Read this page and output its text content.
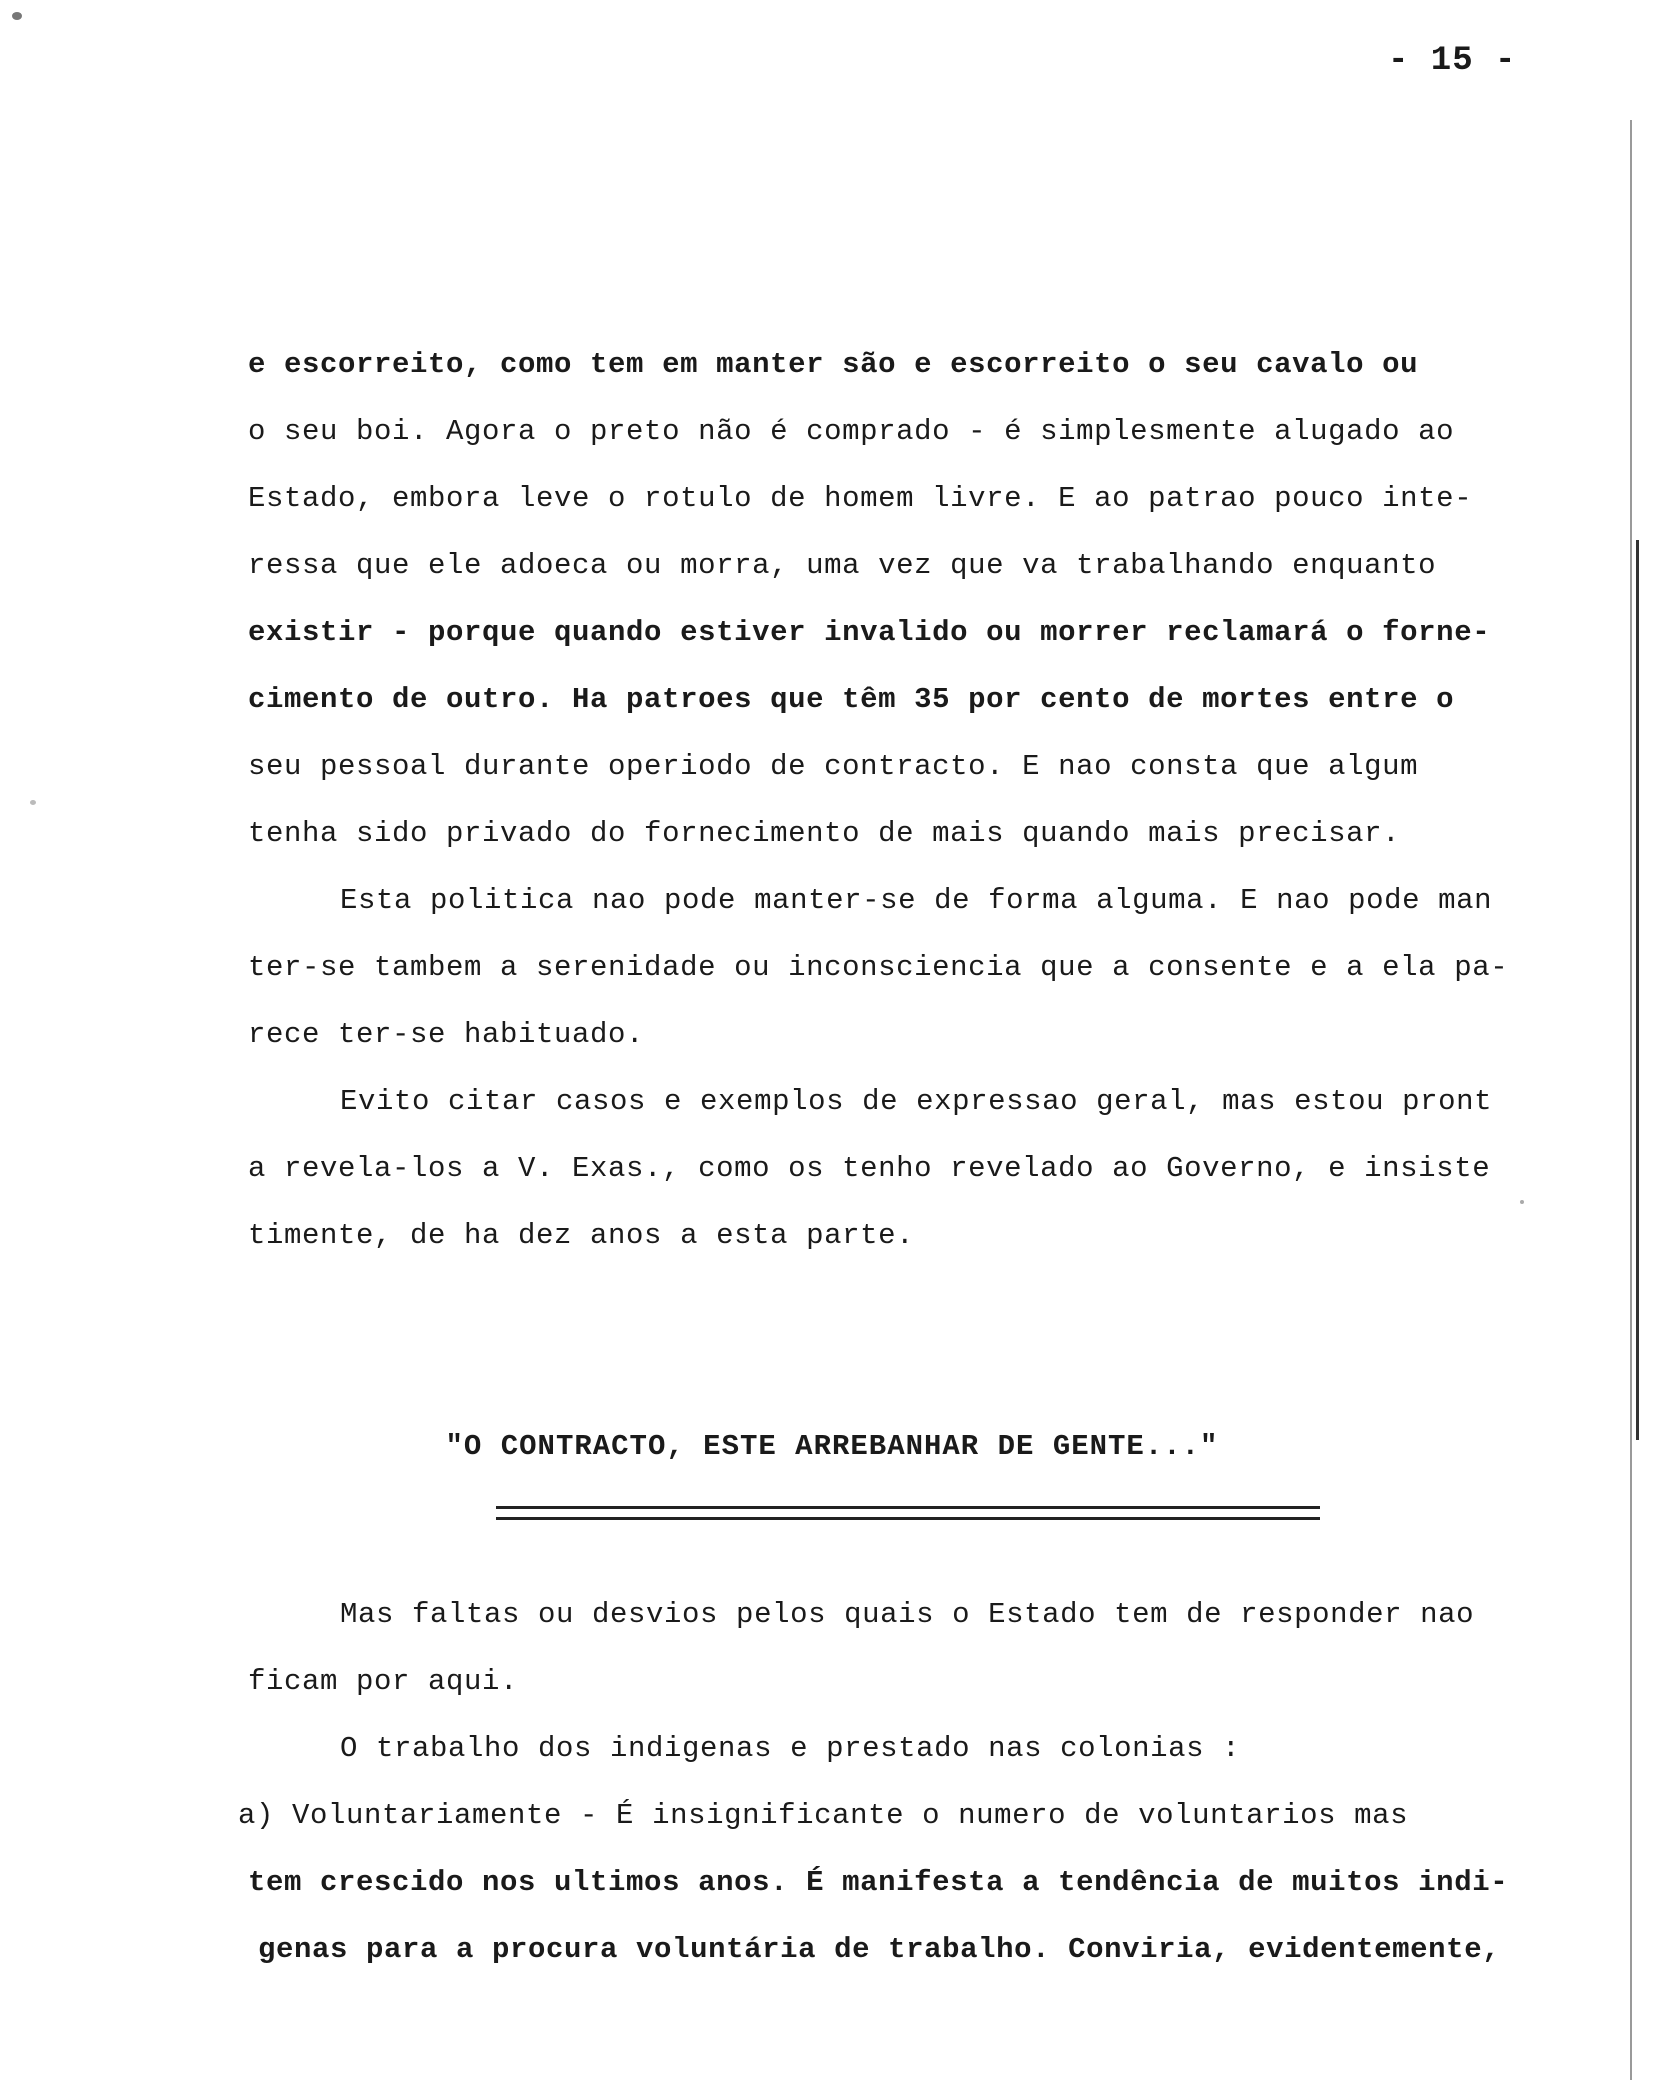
- 15 -
e escorreito, como tem em manter são e escorreito o seu cavalo ou
o seu boi. Agora o preto não é comprado - é simplesmente alugado ao
Estado, embora leve o rotulo de homem livre. E ao patrao pouco inte-
ressa que ele adoeca ou morra, uma vez que va trabalhando enquanto
existir - porque quando estiver invalido ou morrer reclamará o forne-
cimento de outro. Ha patroes que têm 35 por cento de mortes entre o
seu pessoal durante operiodo de contracto. E nao consta que algum
tenha sido privado do fornecimento de mais quando mais precisar.
Esta politica nao pode manter-se de forma alguma. E nao pode man
ter-se tambem a serenidade ou inconsciencia que a consente e a ela pa-
rece ter-se habituado.
Evito citar casos e exemplos de expressao geral, mas estou pront
a revela-los a V. Exas., como os tenho revelado ao Governo, e insiste
timente, de ha dez anos a esta parte.
"O CONTRACTO, ESTE ARREBANHAR DE GENTE..."
Mas faltas ou desvios pelos quais o Estado tem de responder nao
ficam por aqui.
O trabalho dos indigenas e prestado nas colonias :
a) Voluntariamente - É insignificante o numero de voluntarios mas
tem crescido nos ultimos anos. É manifesta a tendência de muitos indi-
genas para a procura voluntária de trabalho. Conviria, evidentemente,
